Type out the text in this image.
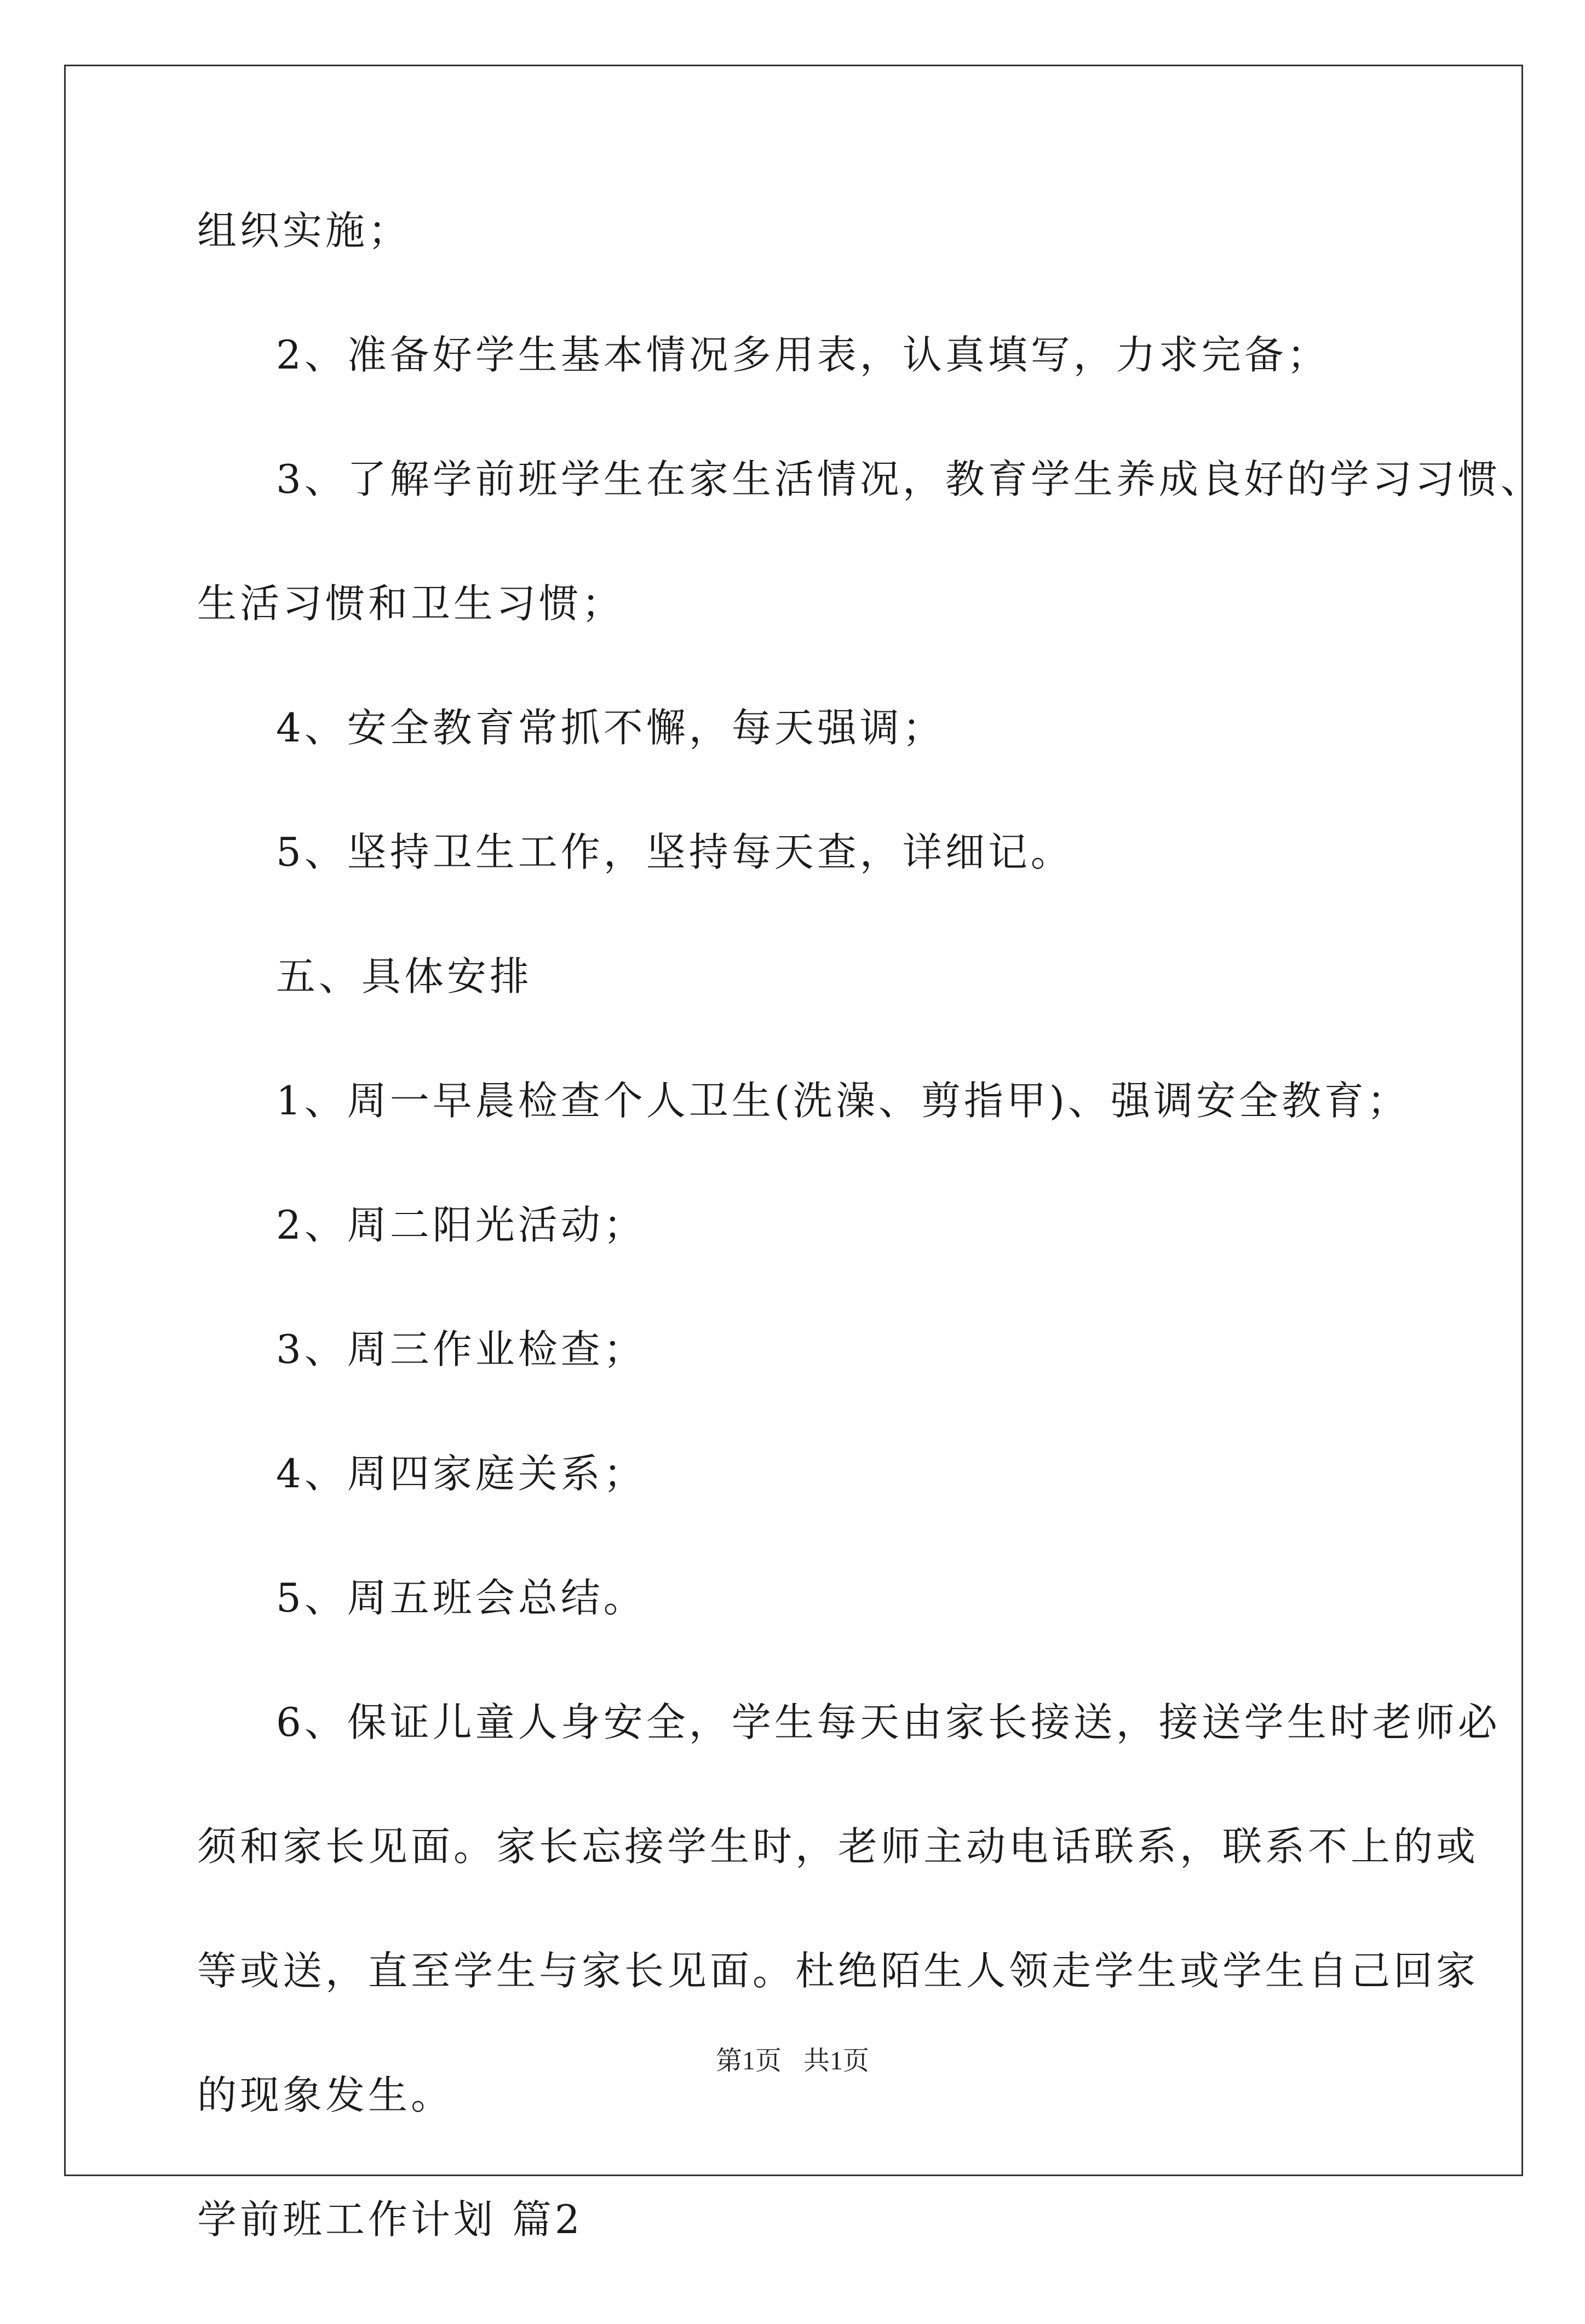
组织实施；
2、准备好学生基本情况多用表，认真填写，力求完备；
3、了解学前班学生在家生活情况，教育学生养成良好的学习习惯、
生活习惯和卫生习惯；
4、安全教育常抓不懈，每天强调；
5、坚持卫生工作，坚持每天查，详细记。
五、具体安排
1、周一早晨检查个人卫生(洗澡、剪指甲)、强调安全教育；
2、周二阳光活动；
3、周三作业检查；
4、周四家庭关系；
5、周五班会总结。
6、保证儿童人身安全，学生每天由家长接送，接送学生时老师必
须和家长见面。家长忘接学生时，老师主动电话联系，联系不上的或
等或送，直至学生与家长见面。杜绝陌生人领走学生或学生自己回家
的现象发生。
学前班工作计划 篇2
第1页 共1页
